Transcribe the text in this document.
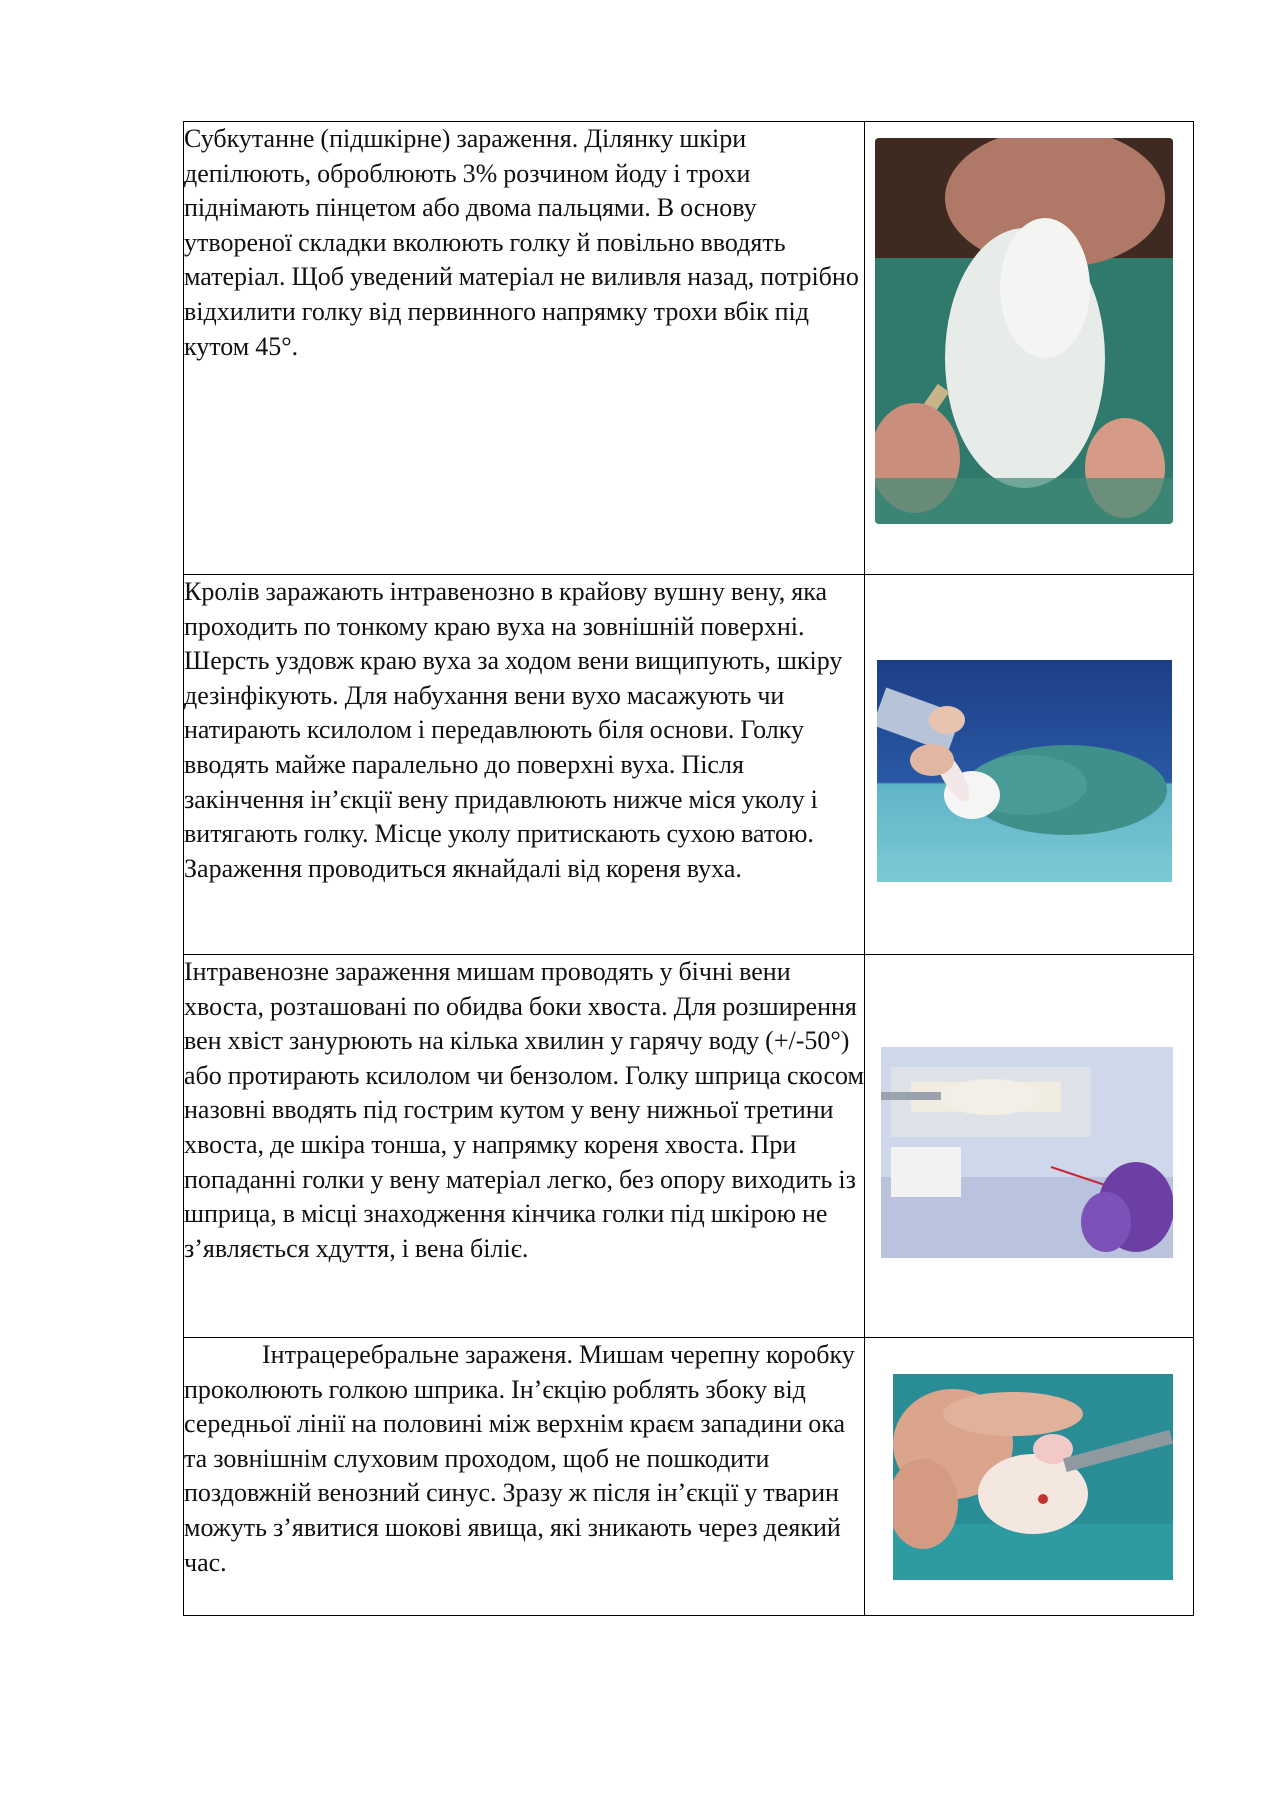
Субкутанне (підшкірне) зараження. Ділянку шкіри депілюють, оброблюють 3% розчином йоду і трохи піднімають пінцетом або двома пальцями. В основу утвореної складки вколюють голку й повільно вводять матеріал. Щоб уведений матеріал не виливля назад, потрібно відхилити голку від первинного напрямку трохи вбік під кутом 45°.

Кролів заражають інтравенозно в крайову вушну вену, яка проходить по тонкому краю вуха на зовнішній поверхні. Шерсть уздовж краю вуха за ходом вени вищипують, шкіру дезінфікують. Для набухання вени вухо масажують чи натирають ксилолом і передавлюють біля основи. Голку вводять майже паралельно до поверхні вуха. Після закінчення ін’єкції вену придавлюють нижче міся уколу і витягають голку. Місце уколу притискають сухою ватою. Зараження проводиться якнайдалі від кореня вуха.

Інтравенозне зараження мишам проводять у бічні вени хвоста, розташовані по обидва боки хвоста. Для розширення вен хвіст занурюють на кілька хвилин у гарячу воду (+/-50°) або протирають ксилолом чи бензолом. Голку шприца скосом назовні вводять під гострим кутом у вену нижньої третини хвоста, де шкіра тонша, у напрямку кореня хвоста. При попаданні голки у вену матеріал легко, без опору виходить із шприца, в місці знаходження кінчика голки під шкірою не з’являється хдуття, і вена біліє.

Інтрацеребральне зараженя. Мишам черепну коробку проколюють голкою шприка. Ін’єкцію роблять збоку від середньої лінії на половині між верхнім краєм западини ока та зовнішнім слуховим проходом, щоб не пошкодити поздовжній венозний синус. Зразу ж після ін’єкції у тварин можуть з’явитися шокові явища, які зникають через деякий час.
